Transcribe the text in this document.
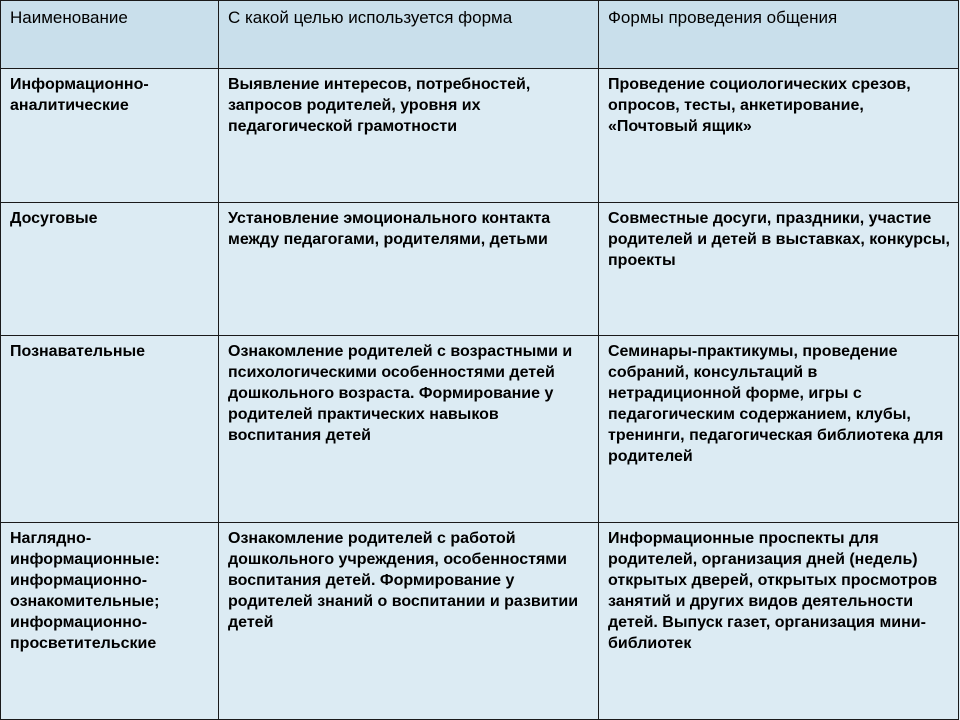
Наименование	С какой целью используется форма	Формы проведения общения

Информационно-аналитические	Выявление интересов, потребностей, запросов родителей, уровня их педагогической грамотности	Проведение социологических срезов, опросов, тесты, анкетирование, «Почтовый ящик»

Досуговые	Установление эмоционального контакта между педагогами, родителями, детьми	Совместные досуги, праздники, участие родителей и детей в выставках, конкурсы, проекты

Познавательные	Ознакомление родителей с возрастными и психологическими особенностями детей дошкольного возраста. Формирование у родителей практических навыков воспитания детей	Семинары-практикумы, проведение собраний, консультаций в нетрадиционной форме, игры с педагогическим содержанием, клубы, тренинги, педагогическая библиотека для родителей

Наглядно-информационные: информационно-ознакомительные; информационно-просветительские	Ознакомление родителей с работой дошкольного учреждения, особенностями воспитания детей. Формирование у родителей знаний о воспитании и развитии детей	Информационные проспекты для родителей, организация дней (недель) открытых дверей, открытых просмотров занятий и других видов деятельности детей. Выпуск газет, организация мини-библиотек
